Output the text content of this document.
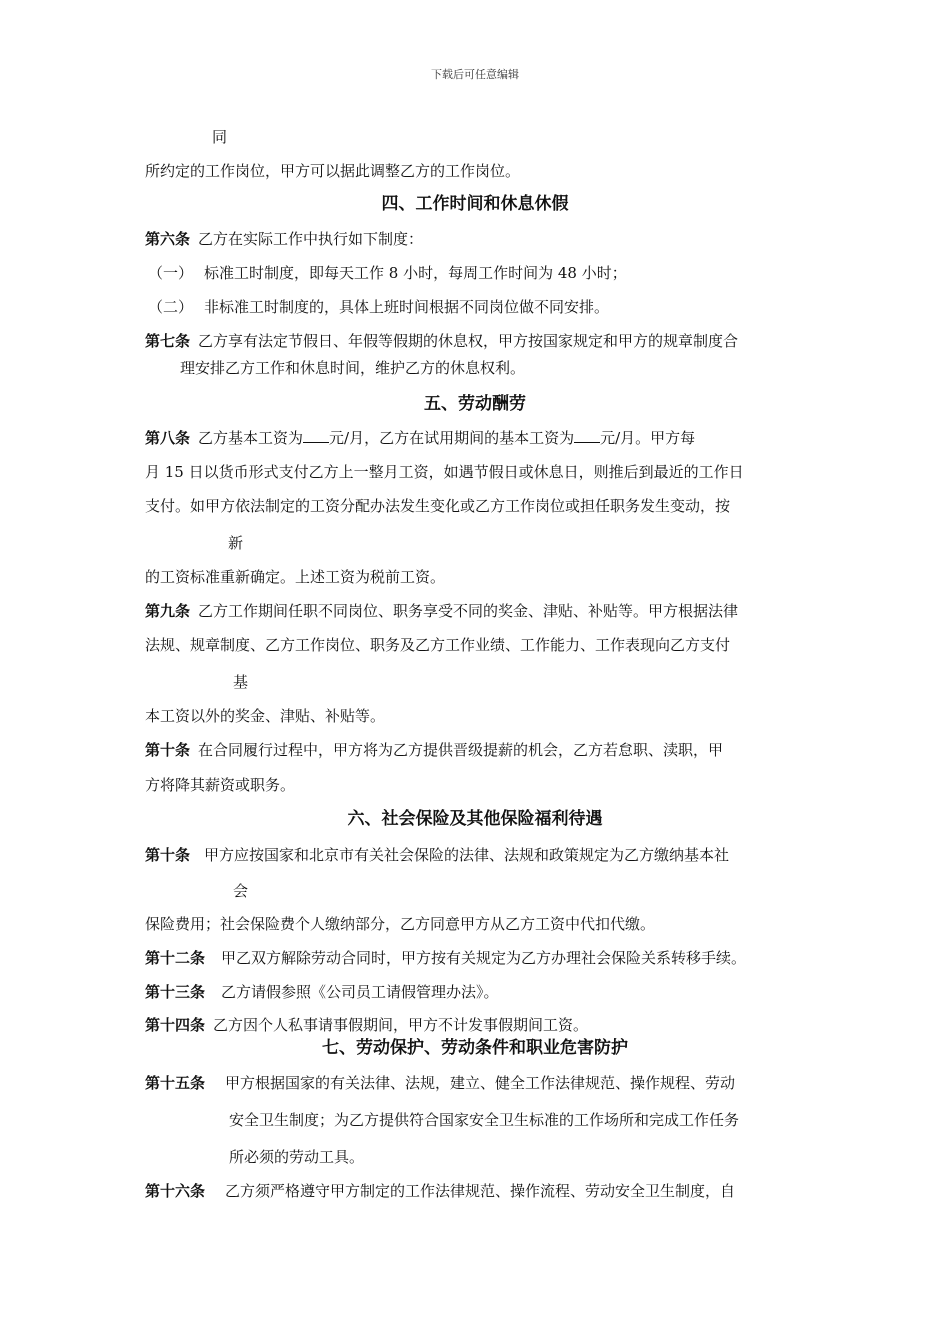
下载后可任意编辑
同
所约定的工作岗位，甲方可以据此调整乙方的工作岗位。
四、工作时间和休息休假
第六条 乙方在实际工作中执行如下制度：
（一） 标准工时制度，即每天工作 8 小时，每周工作时间为 48 小时；
（二） 非标准工时制度的，具体上班时间根据不同岗位做不同安排。
第七条 乙方享有法定节假日、年假等假期的休息权，甲方按国家规定和甲方的规章制度合
理安排乙方工作和休息时间，维护乙方的休息权利。
五、劳动酬劳
第八条 乙方基本工资为 元/月，乙方在试用期间的基本工资为 元/月。甲方每
月 15 日以货币形式支付乙方上一整月工资，如遇节假日或休息日，则推后到最近的工作日
支付。如甲方依法制定的工资分配办法发生变化或乙方工作岗位或担任职务发生变动，按
新
的工资标准重新确定。上述工资为税前工资。
第九条 乙方工作期间任职不同岗位、职务享受不同的奖金、津贴、补贴等。甲方根据法律
法规、规章制度、乙方工作岗位、职务及乙方工作业绩、工作能力、工作表现向乙方支付
基
本工资以外的奖金、津贴、补贴等。
第十条 在合同履行过程中，甲方将为乙方提供晋级提薪的机会，乙方若怠职、渎职，甲
方将降其薪资或职务。
六、社会保险及其他保险福利待遇
第十条 甲方应按国家和北京市有关社会保险的法律、法规和政策规定为乙方缴纳基本社
会
保险费用；社会保险费个人缴纳部分，乙方同意甲方从乙方工资中代扣代缴。
第十二条 甲乙双方解除劳动合同时，甲方按有关规定为乙方办理社会保险关系转移手续。
第十三条 乙方请假参照《公司员工请假管理办法》。
第十四条 乙方因个人私事请事假期间，甲方不计发事假期间工资。
七、劳动保护、劳动条件和职业危害防护
第十五条 甲方根据国家的有关法律、法规，建立、健全工作法律规范、操作规程、劳动
安全卫生制度；为乙方提供符合国家安全卫生标准的工作场所和完成工作任务
所必须的劳动工具。
第十六条 乙方须严格遵守甲方制定的工作法律规范、操作流程、劳动安全卫生制度，自
